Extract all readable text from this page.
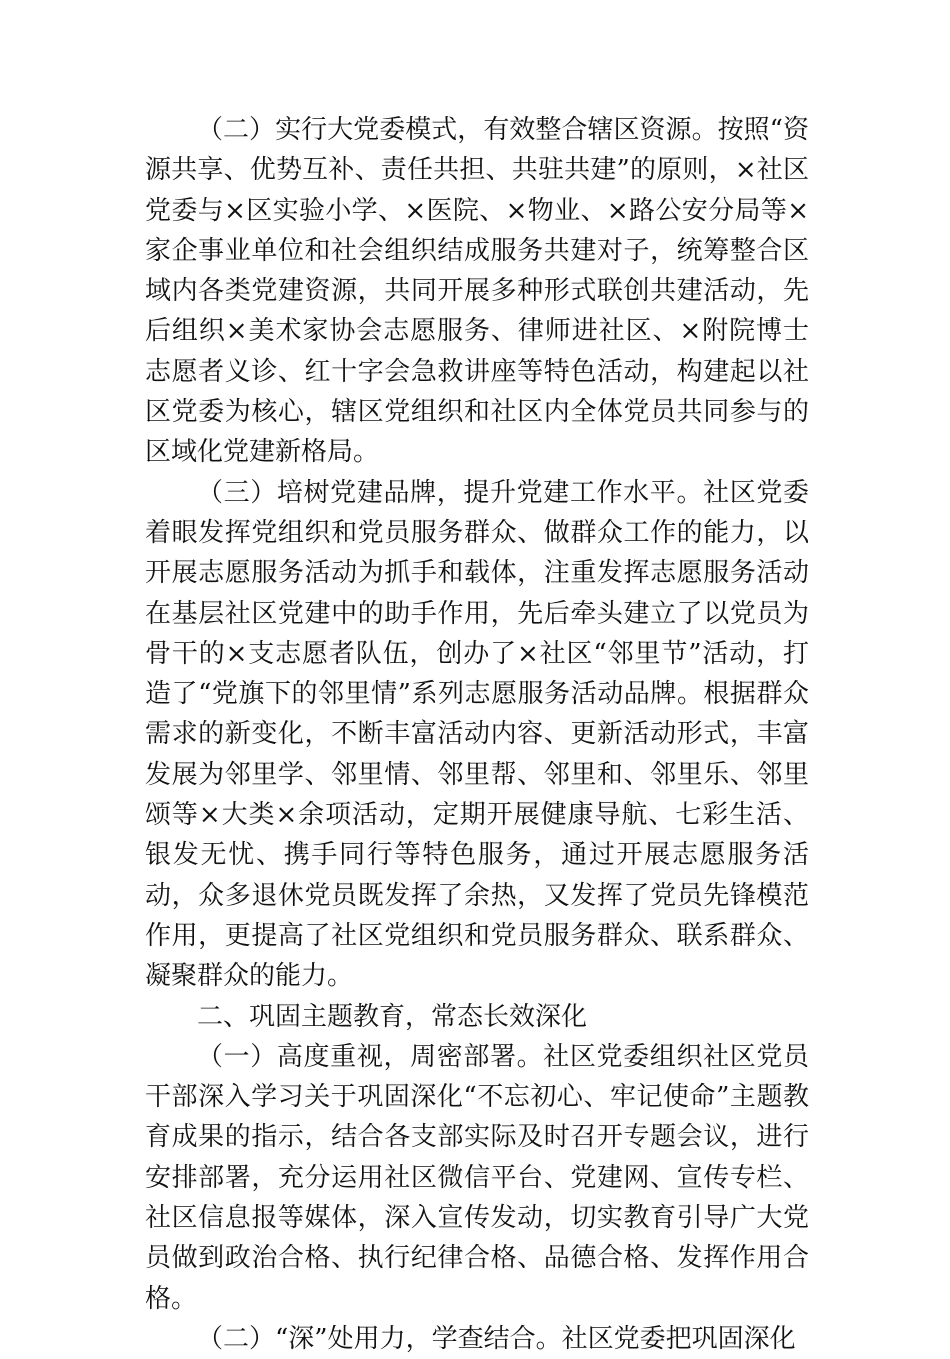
（二）实行大党委模式，有效整合辖区资源。按照“资源共享、优势互补、责任共担、共驻共建”的原则，×社区党委与×区实验小学、×医院、×物业、×路公安分局等×家企事业单位和社会组织结成服务共建对子，统筹整合区域内各类党建资源，共同开展多种形式联创共建活动，先后组织×美术家协会志愿服务、律师进社区、×附院博士志愿者义诊、红十字会急救讲座等特色活动，构建起以社区党委为核心，辖区党组织和社区内全体党员共同参与的区域化党建新格局。

（三）培树党建品牌，提升党建工作水平。社区党委着眼发挥党组织和党员服务群众、做群众工作的能力，以开展志愿服务活动为抓手和载体，注重发挥志愿服务活动在基层社区党建中的助手作用，先后牵头建立了以党员为骨干的×支志愿者队伍，创办了×社区“邻里节”活动，打造了“党旗下的邻里情”系列志愿服务活动品牌。根据群众需求的新变化，不断丰富活动内容、更新活动形式，丰富发展为邻里学、邻里情、邻里帮、邻里和、邻里乐、邻里颂等×大类×余项活动，定期开展健康导航、七彩生活、银发无忧、携手同行等特色服务，通过开展志愿服务活动，众多退休党员既发挥了余热，又发挥了党员先锋模范作用，更提高了社区党组织和党员服务群众、联系群众、凝聚群众的能力。

二、巩固主题教育，常态长效深化

（一）高度重视，周密部署。社区党委组织社区党员干部深入学习关于巩固深化“不忘初心、牢记使命”主题教育成果的指示，结合各支部实际及时召开专题会议，进行安排部署，充分运用社区微信平台、党建网、宣传专栏、社区信息报等媒体，深入宣传发动，切实教育引导广大党员做到政治合格、执行纪律合格、品德合格、发挥作用合格。

（二）“深”处用力，学查结合。社区党委把巩固深化
